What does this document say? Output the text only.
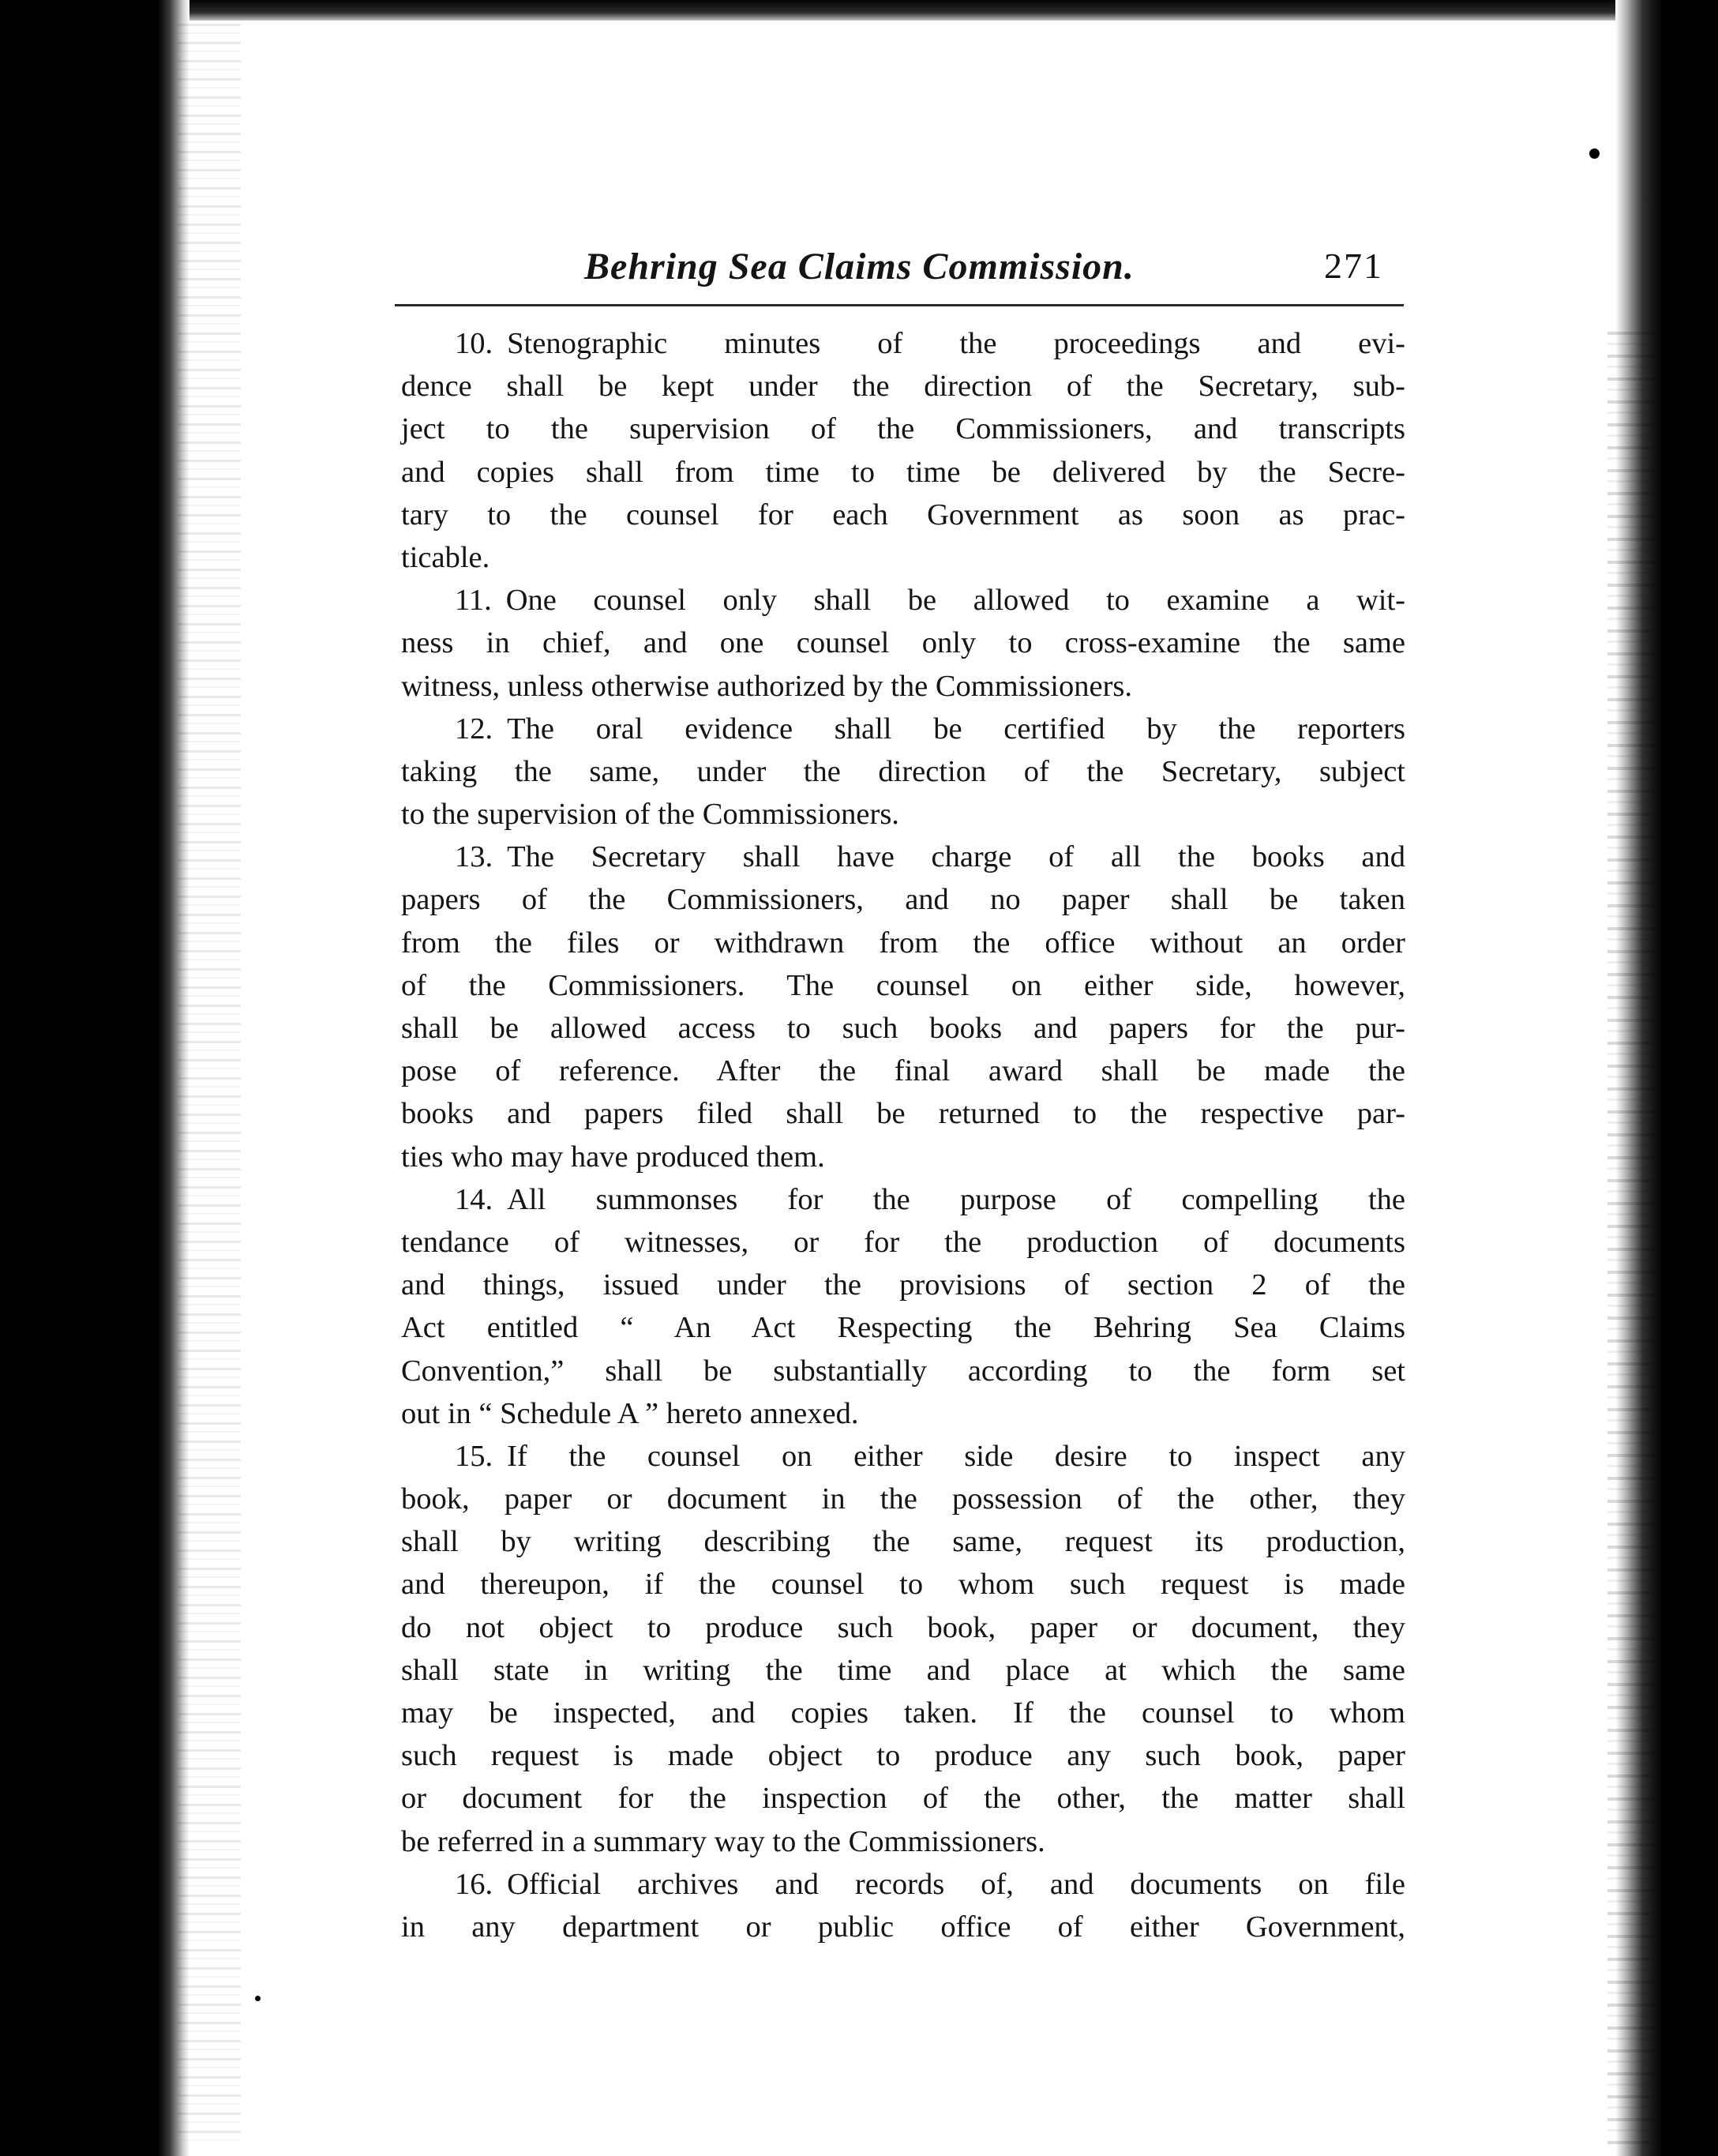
Behring Sea Claims Commission.	271
10. Stenographic minutes of the proceedings and evi-
dence shall be kept under the direction of the Secretary, sub-
ject to the supervision of the Commissioners, and transcripts
and copies shall from time to time be delivered by the Secre-
tary to the counsel for each Government as soon as prac-
ticable.
11. One counsel only shall be allowed to examine a wit-
ness in chief, and one counsel only to cross-examine the same
witness, unless otherwise authorized by the Commissioners.
12. The oral evidence shall be certified by the reporters
taking the same, under the direction of the Secretary, subject
to the supervision of the Commissioners.
13. The Secretary shall have charge of all the books and
papers of the Commissioners, and no paper shall be taken
from the files or withdrawn from the office without an order
of the Commissioners. The counsel on either side, however,
shall be allowed access to such books and papers for the pur-
pose of reference. After the final award shall be made the
books and papers filed shall be returned to the respective par-
ties who may have produced them.
14. All summonses for the purpose of compelling the
tendance of witnesses, or for the production of documents
and things, issued under the provisions of section 2 of the
Act entitled “ An Act Respecting the Behring Sea Claims
Convention,” shall be substantially according to the form set
out in “ Schedule A ” hereto annexed.
15. If the counsel on either side desire to inspect any
book, paper or document in the possession of the other, they
shall by writing describing the same, request its production,
and thereupon, if the counsel to whom such request is made
do not object to produce such book, paper or document, they
shall state in writing the time and place at which the same
may be inspected, and copies taken. If the counsel to whom
such request is made object to produce any such book, paper
or document for the inspection of the other, the matter shall
be referred in a summary way to the Commissioners.
16. Official archives and records of, and documents on file
in any department or public office of either Government,
